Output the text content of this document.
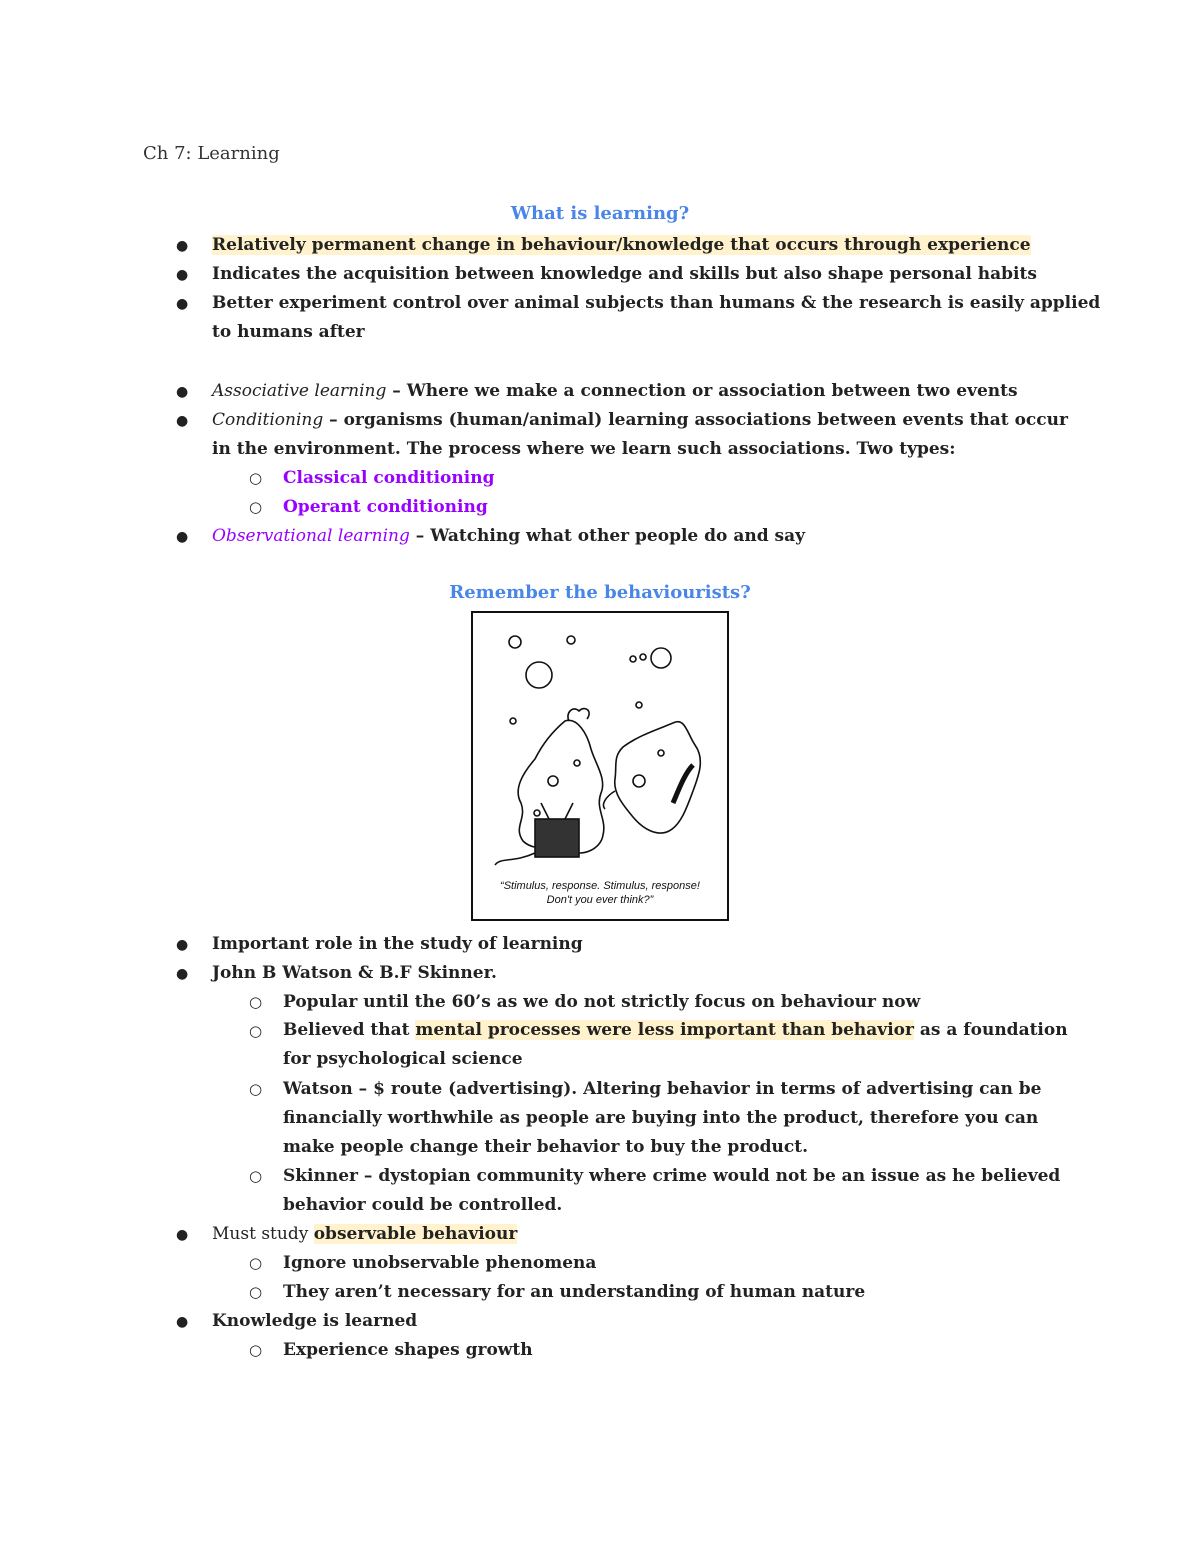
Ch 7: Learning
What is learning?
● Relatively permanent change in behaviour/knowledge that occurs through experience
● Indicates the acquisition between knowledge and skills but also shape personal habits
● Better experiment control over animal subjects than humans & the research is easily applied
to humans after
● Associative learning – Where we make a connection or association between two events
● Conditioning – organisms (human/animal) learning associations between events that occur
in the environment. The process where we learn such associations. Two types:
○ Classical conditioning
○ Operant conditioning
● Observational learning – Watching what other people do and say
Remember the behaviourists?
“Stimulus, response. Stimulus, response!
Don't you ever think?”
● Important role in the study of learning
● John B Watson & B.F Skinner.
○ Popular until the 60’s as we do not strictly focus on behaviour now
○ Believed that mental processes were less important than behavior as a foundation
for psychological science
○ Watson – $ route (advertising). Altering behavior in terms of advertising can be
financially worthwhile as people are buying into the product, therefore you can
make people change their behavior to buy the product.
○ Skinner – dystopian community where crime would not be an issue as he believed
behavior could be controlled.
● Must study observable behaviour
○ Ignore unobservable phenomena
○ They aren’t necessary for an understanding of human nature
● Knowledge is learned
○ Experience shapes growth
